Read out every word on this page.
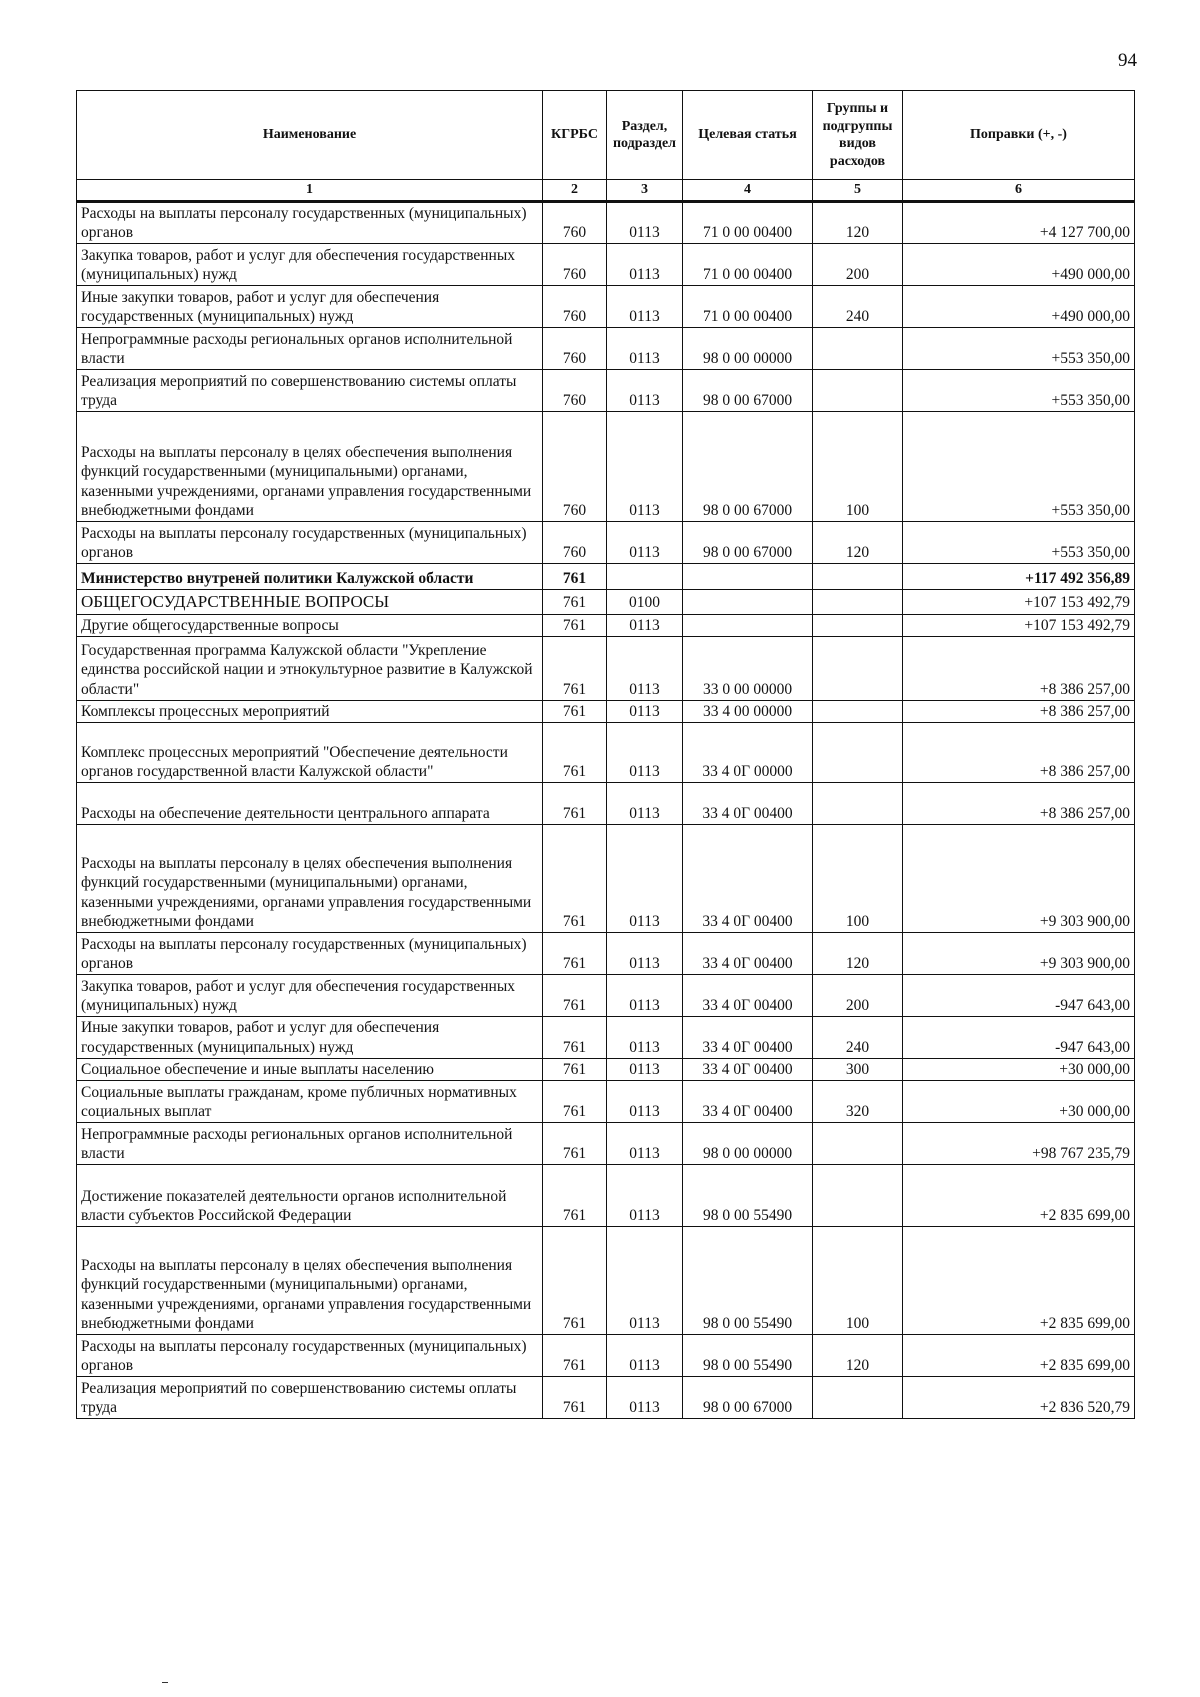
94
Наименование	КГРБС	Раздел, подраздел	Целевая статья	Группы и подгруппы видов расходов	Поправки (+, -)
1	2	3	4	5	6
Расходы на выплаты персоналу государственных (муниципальных) органов	760	0113	71 0 00 00400	120	+4 127 700,00
Закупка товаров, работ и услуг для обеспечения государственных (муниципальных) нужд	760	0113	71 0 00 00400	200	+490 000,00
Иные закупки товаров, работ и услуг для обеспечения государственных (муниципальных) нужд	760	0113	71 0 00 00400	240	+490 000,00
Непрограммные расходы региональных органов исполнительной власти	760	0113	98 0 00 00000		+553 350,00
Реализация мероприятий по совершенствованию системы оплаты труда	760	0113	98 0 00 67000		+553 350,00
Расходы на выплаты персоналу в целях обеспечения выполнения функций государственными (муниципальными) органами, казенными учреждениями, органами управления государственными внебюджетными фондами	760	0113	98 0 00 67000	100	+553 350,00
Расходы на выплаты персоналу государственных (муниципальных) органов	760	0113	98 0 00 67000	120	+553 350,00
Министерство внутреней политики Калужской области	761				+117 492 356,89
ОБЩЕГОСУДАРСТВЕННЫЕ ВОПРОСЫ	761	0100			+107 153 492,79
Другие общегосударственные вопросы	761	0113			+107 153 492,79
Государственная программа Калужской области "Укрепление единства российской нации и этнокультурное развитие в Калужской области"	761	0113	33 0 00 00000		+8 386 257,00
Комплексы процессных мероприятий	761	0113	33 4 00 00000		+8 386 257,00
Комплекс процессных мероприятий "Обеспечение деятельности органов государственной власти Калужской области"	761	0113	33 4 0Г 00000		+8 386 257,00
Расходы на обеспечение деятельности центрального аппарата	761	0113	33 4 0Г 00400		+8 386 257,00
Расходы на выплаты персоналу в целях обеспечения выполнения функций государственными (муниципальными) органами, казенными учреждениями, органами управления государственными внебюджетными фондами	761	0113	33 4 0Г 00400	100	+9 303 900,00
Расходы на выплаты персоналу государственных (муниципальных) органов	761	0113	33 4 0Г 00400	120	+9 303 900,00
Закупка товаров, работ и услуг для обеспечения государственных (муниципальных) нужд	761	0113	33 4 0Г 00400	200	-947 643,00
Иные закупки товаров, работ и услуг для обеспечения государственных (муниципальных) нужд	761	0113	33 4 0Г 00400	240	-947 643,00
Социальное обеспечение и иные выплаты населению	761	0113	33 4 0Г 00400	300	+30 000,00
Социальные выплаты гражданам, кроме публичных нормативных социальных выплат	761	0113	33 4 0Г 00400	320	+30 000,00
Непрограммные расходы региональных органов исполнительной власти	761	0113	98 0 00 00000		+98 767 235,79
Достижение показателей деятельности органов исполнительной власти субъектов Российской Федерации	761	0113	98 0 00 55490		+2 835 699,00
Расходы на выплаты персоналу в целях обеспечения выполнения функций государственными (муниципальными) органами, казенными учреждениями, органами управления государственными внебюджетными фондами	761	0113	98 0 00 55490	100	+2 835 699,00
Расходы на выплаты персоналу государственных (муниципальных) органов	761	0113	98 0 00 55490	120	+2 835 699,00
Реализация мероприятий по совершенствованию системы оплаты труда	761	0113	98 0 00 67000		+2 836 520,79
